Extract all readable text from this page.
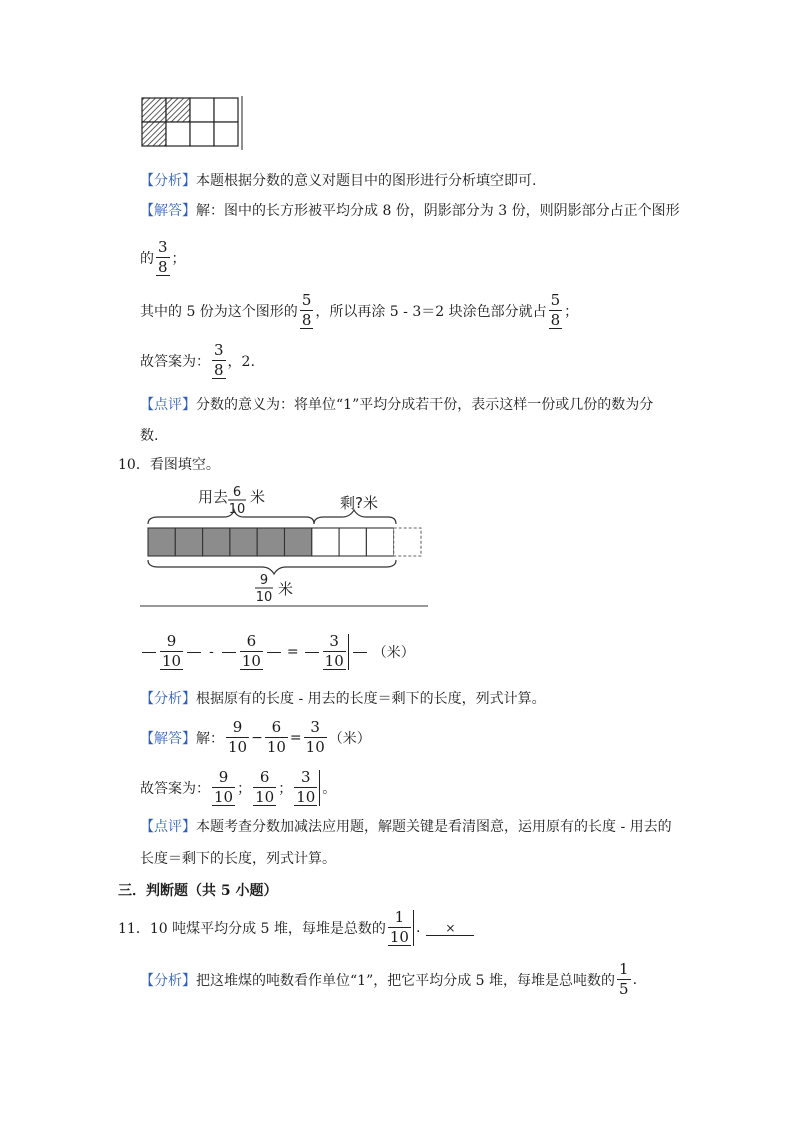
【分析】 本题根据分数的意义对题目中的图形进行分析填空即可.
【解答】 解：图中的长方形被平均分成 8 份，阴影部分为 3 份，则阴影部分占正个图形
的 $\frac{3}{8}$ ；
其中的 5 份为这个图形的 $\frac{5}{8}$ ，所以再涂 5 - 3＝2 块涂色部分就占 $\frac{5}{8}$ ；
故答案为： $\frac{3}{8}$ ，2.
【点评】 分数的意义为：将单位“1”平均分成若干份，表示这样一份或几份的数为分
数.
10．看图填空。
用去 6
10
米	剩?米
9
10 米
$\frac{9}{10} - \frac{6}{10} = \frac{3}{10}$ （米）
【分析】 根据原有的长度 - 用去的长度＝剩下的长度，列式计算。
【解答】 解： $\frac{9}{10} - \frac{6}{10} = \frac{3}{10}$ （米）
故答案为： $\frac{9}{10}$ ； $\frac{6}{10}$ ； $\frac{3}{10}$ 。
【点评】 本题考查分数加减法应用题，解题关键是看清图意，运用原有的长度 - 用去的
长度＝剩下的长度，列式计算。
三．判断题（共 5 小题）
11．10 吨煤平均分成 5 堆，每堆是总数的 $\frac{1}{10}$ .	×
【分析】 把这堆煤的吨数看作单位“1”，把它平均分成 5 堆，每堆是总吨数的 $\frac{1}{5}$ .
